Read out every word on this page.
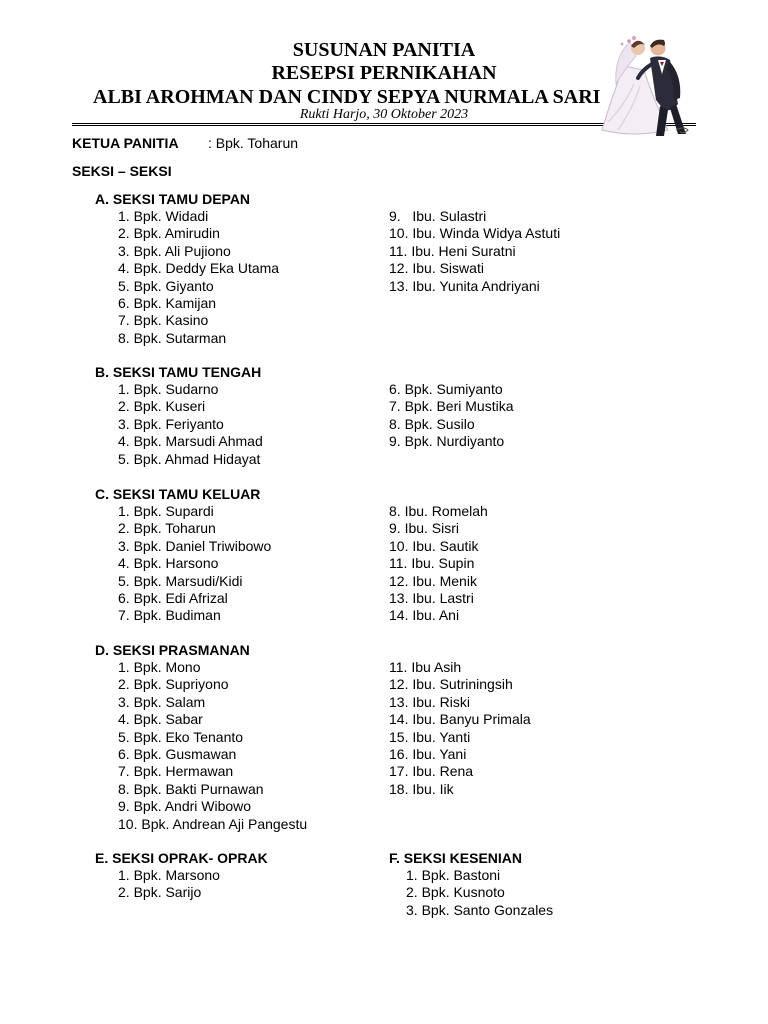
SUSUNAN PANITIA
RESEPSI PERNIKAHAN
ALBI AROHMAN DAN CINDY SEPYA NURMALA SARI
Rukti Harjo, 30 Oktober 2023
KETUA PANITIA : Bpk. Toharun
SEKSI – SEKSI
A. SEKSI TAMU DEPAN
1. Bpk. Widadi
2. Bpk. Amirudin
3. Bpk. Ali Pujiono
4. Bpk. Deddy Eka Utama
5. Bpk. Giyanto
6. Bpk. Kamijan
7. Bpk. Kasino
8. Bpk. Sutarman
9.   Ibu. Sulastri
10. Ibu. Winda Widya Astuti
11. Ibu. Heni Suratni
12. Ibu. Siswati
13. Ibu. Yunita Andriyani
B. SEKSI TAMU TENGAH
1. Bpk. Sudarno
2. Bpk. Kuseri
3. Bpk. Feriyanto
4. Bpk. Marsudi Ahmad
5. Bpk. Ahmad Hidayat
6. Bpk. Sumiyanto
7. Bpk. Beri Mustika
8. Bpk. Susilo
9. Bpk. Nurdiyanto
C. SEKSI TAMU KELUAR
1. Bpk. Supardi
2. Bpk. Toharun
3. Bpk. Daniel Triwibowo
4. Bpk. Harsono
5. Bpk. Marsudi/Kidi
6. Bpk. Edi Afrizal
7. Bpk. Budiman
8. Ibu. Romelah
9. Ibu. Sisri
10. Ibu. Sautik
11. Ibu. Supin
12. Ibu. Menik
13. Ibu. Lastri
14. Ibu. Ani
D. SEKSI PRASMANAN
1. Bpk. Mono
2. Bpk. Supriyono
3. Bpk. Salam
4. Bpk. Sabar
5. Bpk. Eko Tenanto
6. Bpk. Gusmawan
7. Bpk. Hermawan
8. Bpk. Bakti Purnawan
9. Bpk. Andri Wibowo
10. Bpk. Andrean Aji Pangestu
11. Ibu Asih
12. Ibu. Sutriningsih
13. Ibu. Riski
14. Ibu. Banyu Primala
15. Ibu. Yanti
16. Ibu. Yani
17. Ibu. Rena
18. Ibu. Iik
E. SEKSI OPRAK- OPRAK
1. Bpk. Marsono
2. Bpk. Sarijo
F. SEKSI KESENIAN
1. Bpk. Bastoni
2. Bpk. Kusnoto
3. Bpk. Santo Gonzales
